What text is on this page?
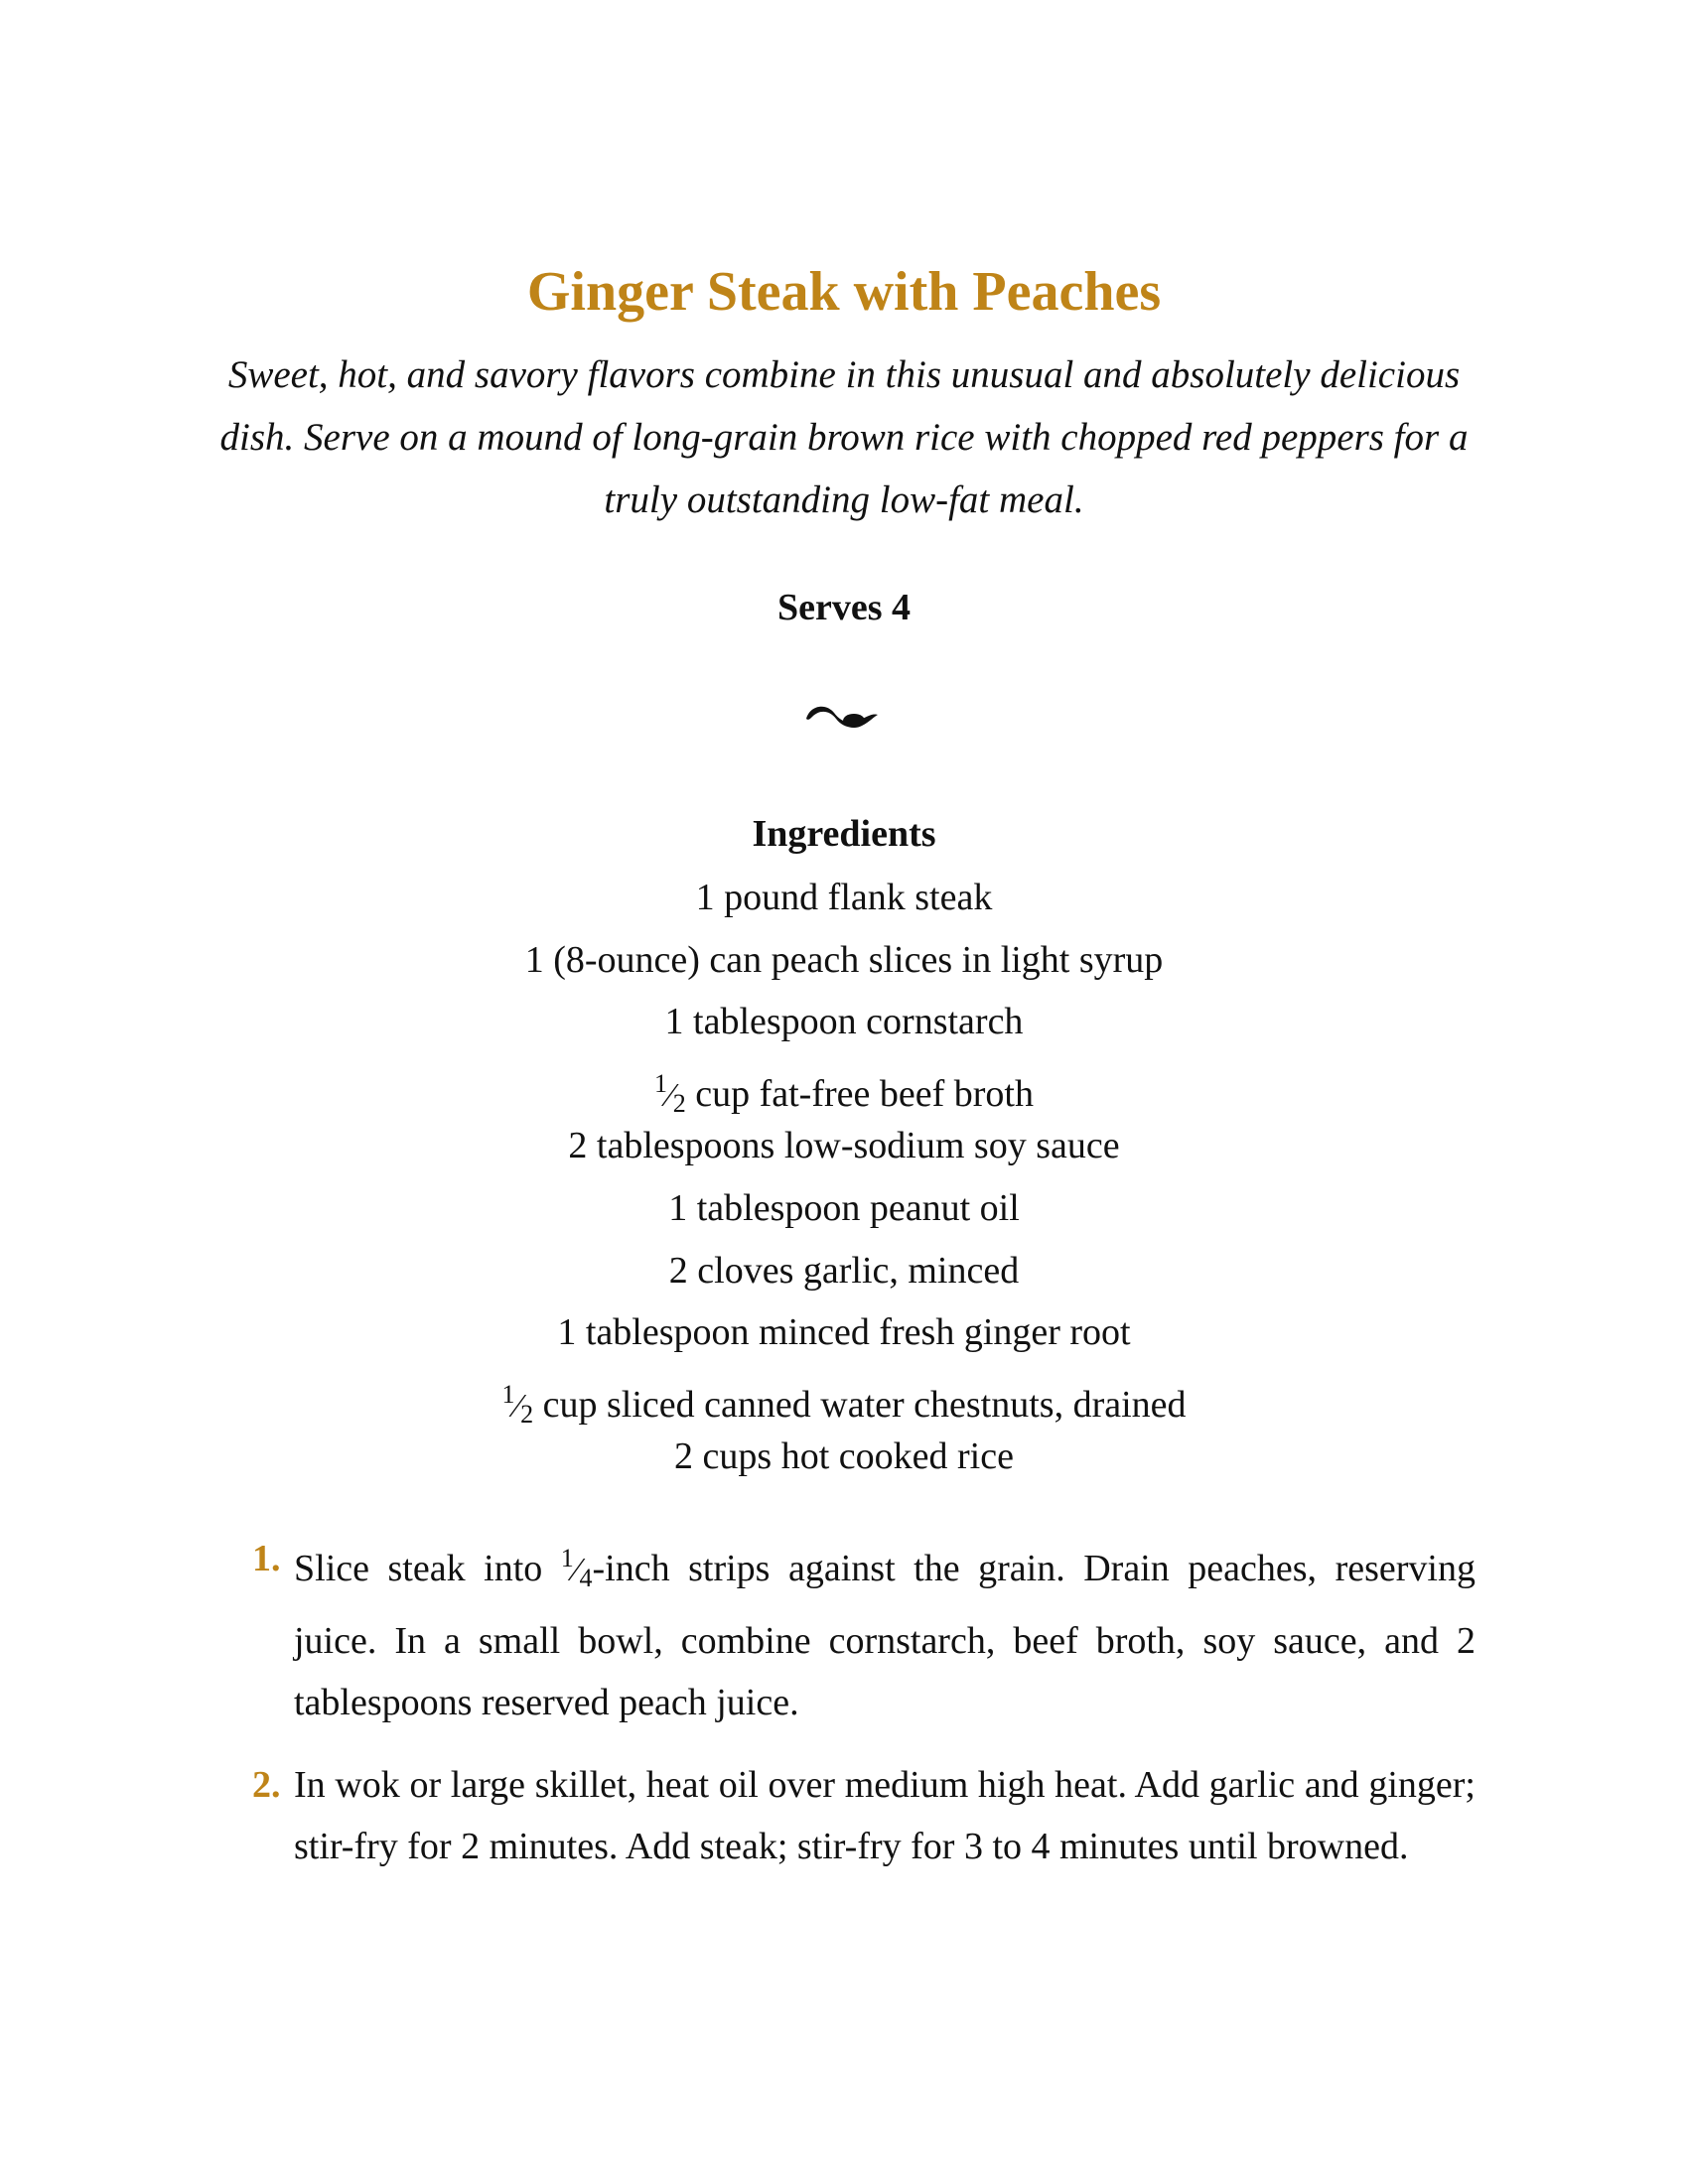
Ginger Steak with Peaches

Sweet, hot, and savory flavors combine in this unusual and absolutely delicious dish. Serve on a mound of long-grain brown rice with chopped red peppers for a truly outstanding low-fat meal.

Serves 4
Ingredients
1 pound flank steak
1 (8-ounce) can peach slices in light syrup
1 tablespoon cornstarch
$^1$⁄2 cup fat-free beef broth
2 tablespoons low-sodium soy sauce
1 tablespoon peanut oil
2 cloves garlic, minced
1 tablespoon minced fresh ginger root
$^1$⁄2 cup sliced canned water chestnuts, drained
2 cups hot cooked rice
1. Slice steak into $^1$⁄4-inch strips against the grain. Drain peaches, reserving juice. In a small bowl, combine cornstarch, beef broth, soy sauce, and 2 tablespoons reserved peach juice.
2. In wok or large skillet, heat oil over medium high heat. Add garlic and ginger; stir-fry for 2 minutes. Add steak; stir-fry for 3 to 4 minutes until browned.
